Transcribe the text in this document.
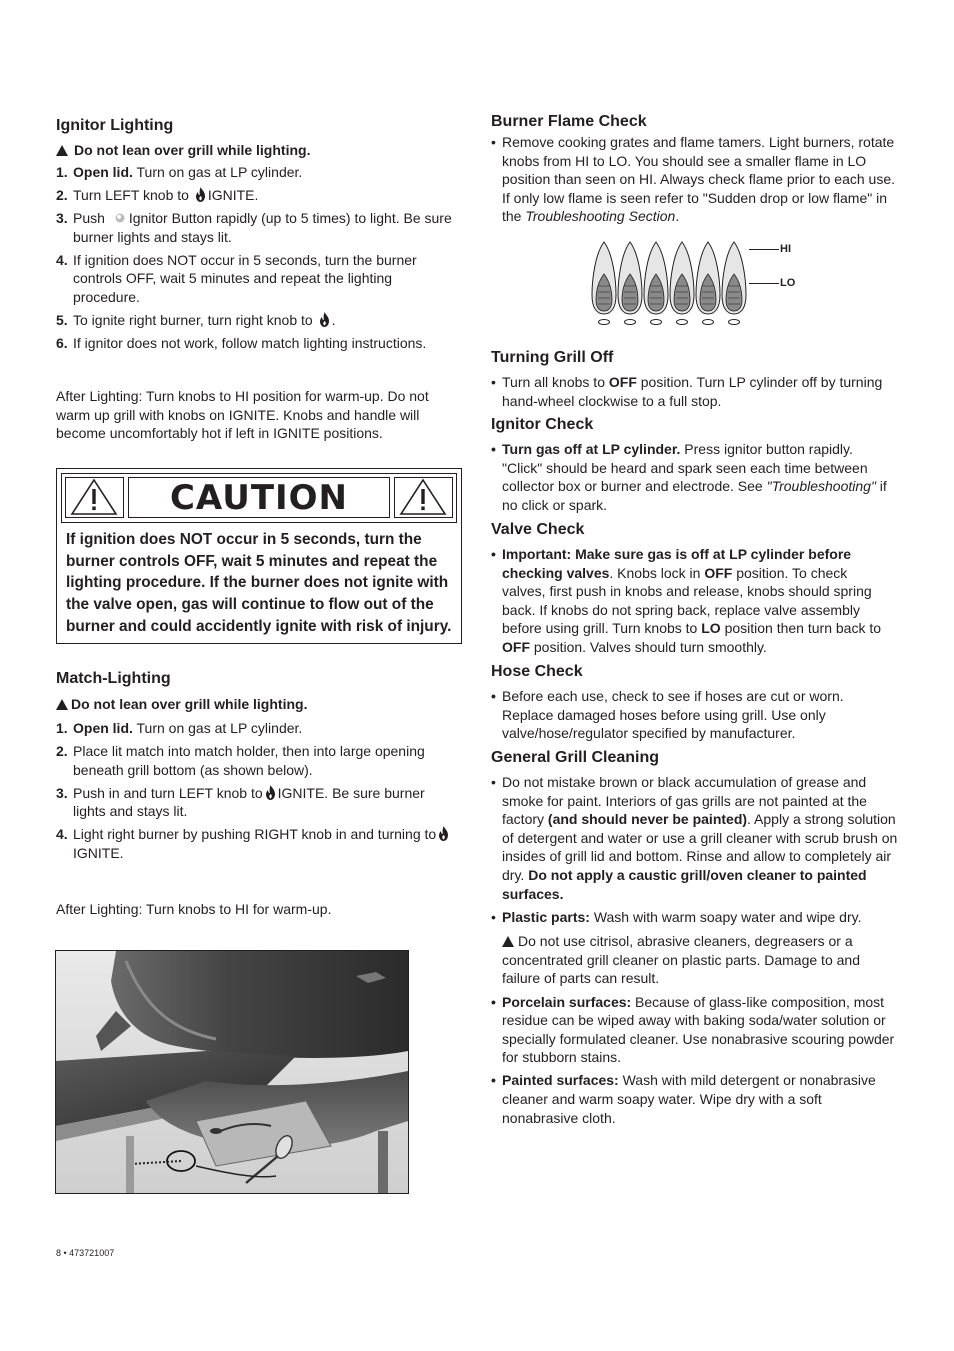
Ignitor Lighting
Do not lean over grill while lighting.
1. Open lid. Turn on gas at LP cylinder.
2. Turn LEFT knob to IGNITE.
3. Push Ignitor Button rapidly (up to 5 times) to light. Be sure burner lights and stays lit.
4. If ignition does NOT occur in 5 seconds, turn the burner controls OFF, wait 5 minutes and repeat the lighting procedure.
5. To ignite right burner, turn right knob to .
6. If ignitor does not work, follow match lighting instructions.

After Lighting: Turn knobs to HI position for warm-up. Do not warm up grill with knobs on IGNITE. Knobs and handle will become uncomfortably hot if left in IGNITE positions.

Match-Lighting
Do not lean over grill while lighting.
1. Open lid. Turn on gas at LP cylinder.
2. Place lit match into match holder, then into large opening beneath grill bottom (as shown below).
3. Push in and turn LEFT knob to IGNITE. Be sure burner lights and stays lit.
4. Light right burner by pushing RIGHT knob in and turning toIGNITE.

After Lighting: Turn knobs to HI for warm-up.

CAUTION
If ignition does NOT occur in 5 seconds, turn the burner controls OFF, wait 5 minutes and repeat the lighting procedure. If the burner does not ignite with the valve open, gas will continue to flow out of the burner and could accidently ignite with risk of injury.
Burner Flame Check
• Remove cooking grates and flame tamers. Light burners, rotate knobs from HI to LO. You should see a smaller flame in LO position than seen on HI. Always check flame prior to each use. If only low flame is seen refer to "Sudden drop or low flame" in the Troubleshooting Section.
HI
LO
Turning Grill Off
• Turn all knobs to OFF position. Turn LP cylinder off by turning hand-wheel clockwise to a full stop.
Ignitor Check
• Turn gas off at LP cylinder. Press ignitor button rapidly. "Click" should be heard and spark seen each time between collector box or burner and electrode. See "Troubleshooting" if no click or spark.
Valve Check
• Important: Make sure gas is off at LP cylinder before checking valves. Knobs lock in OFF position. To check valves, first push in knobs and release, knobs should spring back. If knobs do not spring back, replace valve assembly before using grill. Turn knobs to LO position then turn back to OFF position. Valves should turn smoothly.
Hose Check
• Before each use, check to see if hoses are cut or worn. Replace damaged hoses before using grill. Use only valve/hose/regulator specified by manufacturer.
General Grill Cleaning
• Do not mistake brown or black accumulation of grease and smoke for paint. Interiors of gas grills are not painted at the factory (and should never be painted). Apply a strong solution of detergent and water or use a grill cleaner with scrub brush on insides of grill lid and bottom. Rinse and allow to completely air dry. Do not apply a caustic grill/oven cleaner to painted surfaces.
• Plastic parts: Wash with warm soapy water and wipe dry.
Do not use citrisol, abrasive cleaners, degreasers or a concentrated grill cleaner on plastic parts. Damage to and failure of parts can result.
• Porcelain surfaces: Because of glass-like composition, most residue can be wiped away with baking soda/water solution or specially formulated cleaner. Use nonabrasive scouring powder for stubborn stains.
• Painted surfaces: Wash with mild detergent or nonabrasive cleaner and warm soapy water. Wipe dry with a soft nonabrasive cloth.
8 • 473721007
